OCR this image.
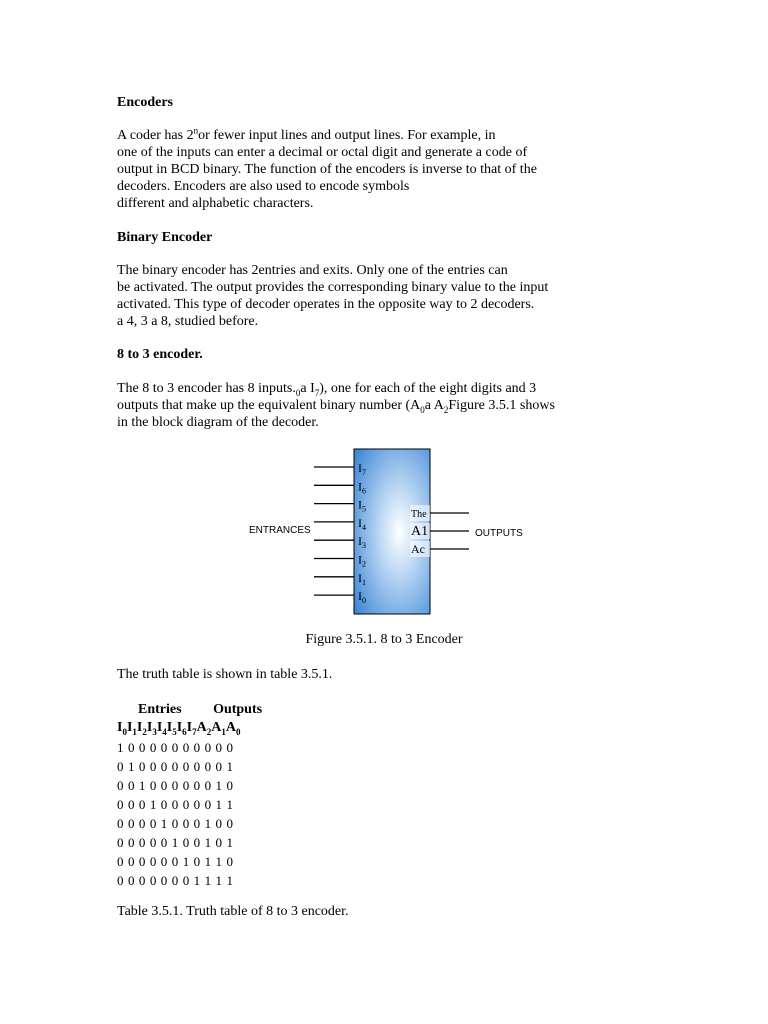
Encoders

A coder has 2$^n$or fewer input lines and output lines. For example, in

one of the inputs can enter a decimal or octal digit and generate a code of

output in BCD binary. The function of the encoders is inverse to that of the

decoders. Encoders are also used to encode symbols

different and alphabetic characters.

Binary Encoder

The binary encoder has 2entries and exits. Only one of the entries can

be activated. The output provides the corresponding binary value to the input

activated. This type of decoder operates in the opposite way to 2 decoders.

a 4, 3 a 8, studied before.

8 to 3 encoder.

The 8 to 3 encoder has 8 $inputs._0a$ $I_7$), one for each of the eight digits and 3

outputs that make up the equivalent binary number ($A_0a$ $A_2Figure$ 3.5.1 shows

in the block diagram of the decoder.

$I_7$
$I_6$
$I_5$
$I_4$
$I_3$
$I_2$
$I_1$
$I_0$
The
A1
Ac
ENTRANCES	OUTPUTS
Figure 3.5.1. 8 to 3 Encoder

The truth table is shown in table 3.5.1.

Entries Outputs
$I_0I_1I_2I_3I_4I_5I_6I_7A_2A_1A_0$
1 0 0 0 0 0 0 0 0 0 0
0 1 0 0 0 0 0 0 0 0 1
0 0 1 0 0 0 0 0 0 1 0
0 0 0 1 0 0 0 0 0 1 1
0 0 0 0 1 0 0 0 1 0 0
0 0 0 0 0 1 0 0 1 0 1
0 0 0 0 0 0 1 0 1 1 0
0 0 0 0 0 0 0 1 1 1 1

Table 3.5.1. Truth table of 8 to 3 encoder.
